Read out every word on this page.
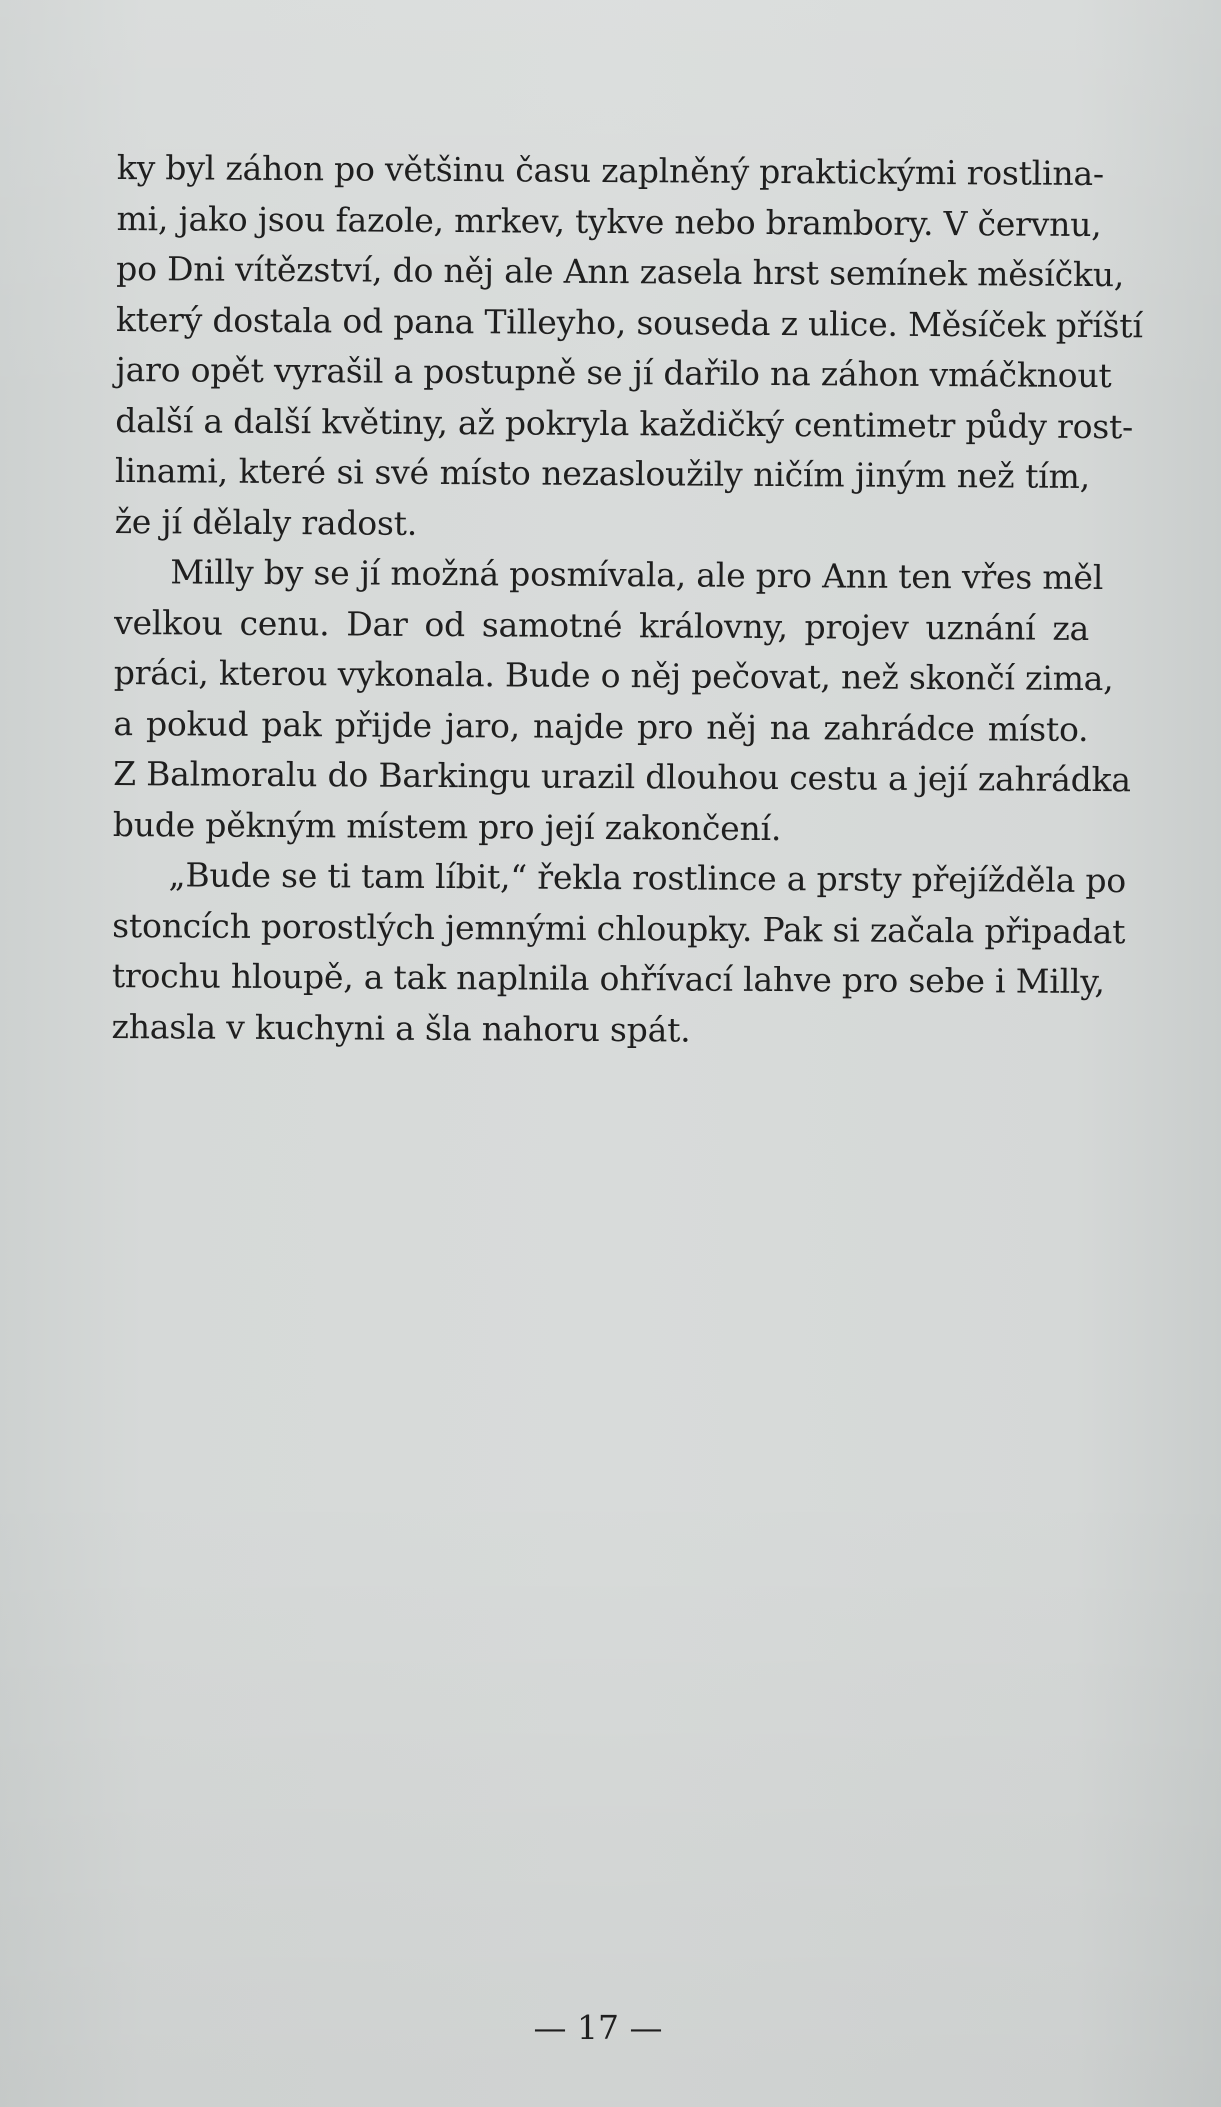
ky byl záhon po většinu času zaplněný praktickými rostlina-
mi, jako jsou fazole, mrkev, tykve nebo brambory. V červnu,
po Dni vítězství, do něj ale Ann zasela hrst semínek měsíčku,
který dostala od pana Tilleyho, souseda z ulice. Měsíček příští
jaro opět vyrašil a postupně se jí dařilo na záhon vmáčknout
další a další květiny, až pokryla každičký centimetr půdy rost-
linami, které si své místo nezasloužily ničím jiným než tím,
že jí dělaly radost.
Milly by se jí možná posmívala, ale pro Ann ten vřes měl
velkou cenu. Dar od samotné královny, projev uznání za
práci, kterou vykonala. Bude o něj pečovat, než skončí zima,
a pokud pak přijde jaro, najde pro něj na zahrádce místo.
Z Balmoralu do Barkingu urazil dlouhou cestu a její zahrádka
bude pěkným místem pro její zakončení.
„Bude se ti tam líbit,“ řekla rostlince a prsty přejížděla po
stoncích porostlých jemnými chloupky. Pak si začala připadat
trochu hloupě, a tak naplnila ohřívací lahve pro sebe i Milly,
zhasla v kuchyni a šla nahoru spát.
— 17 —
